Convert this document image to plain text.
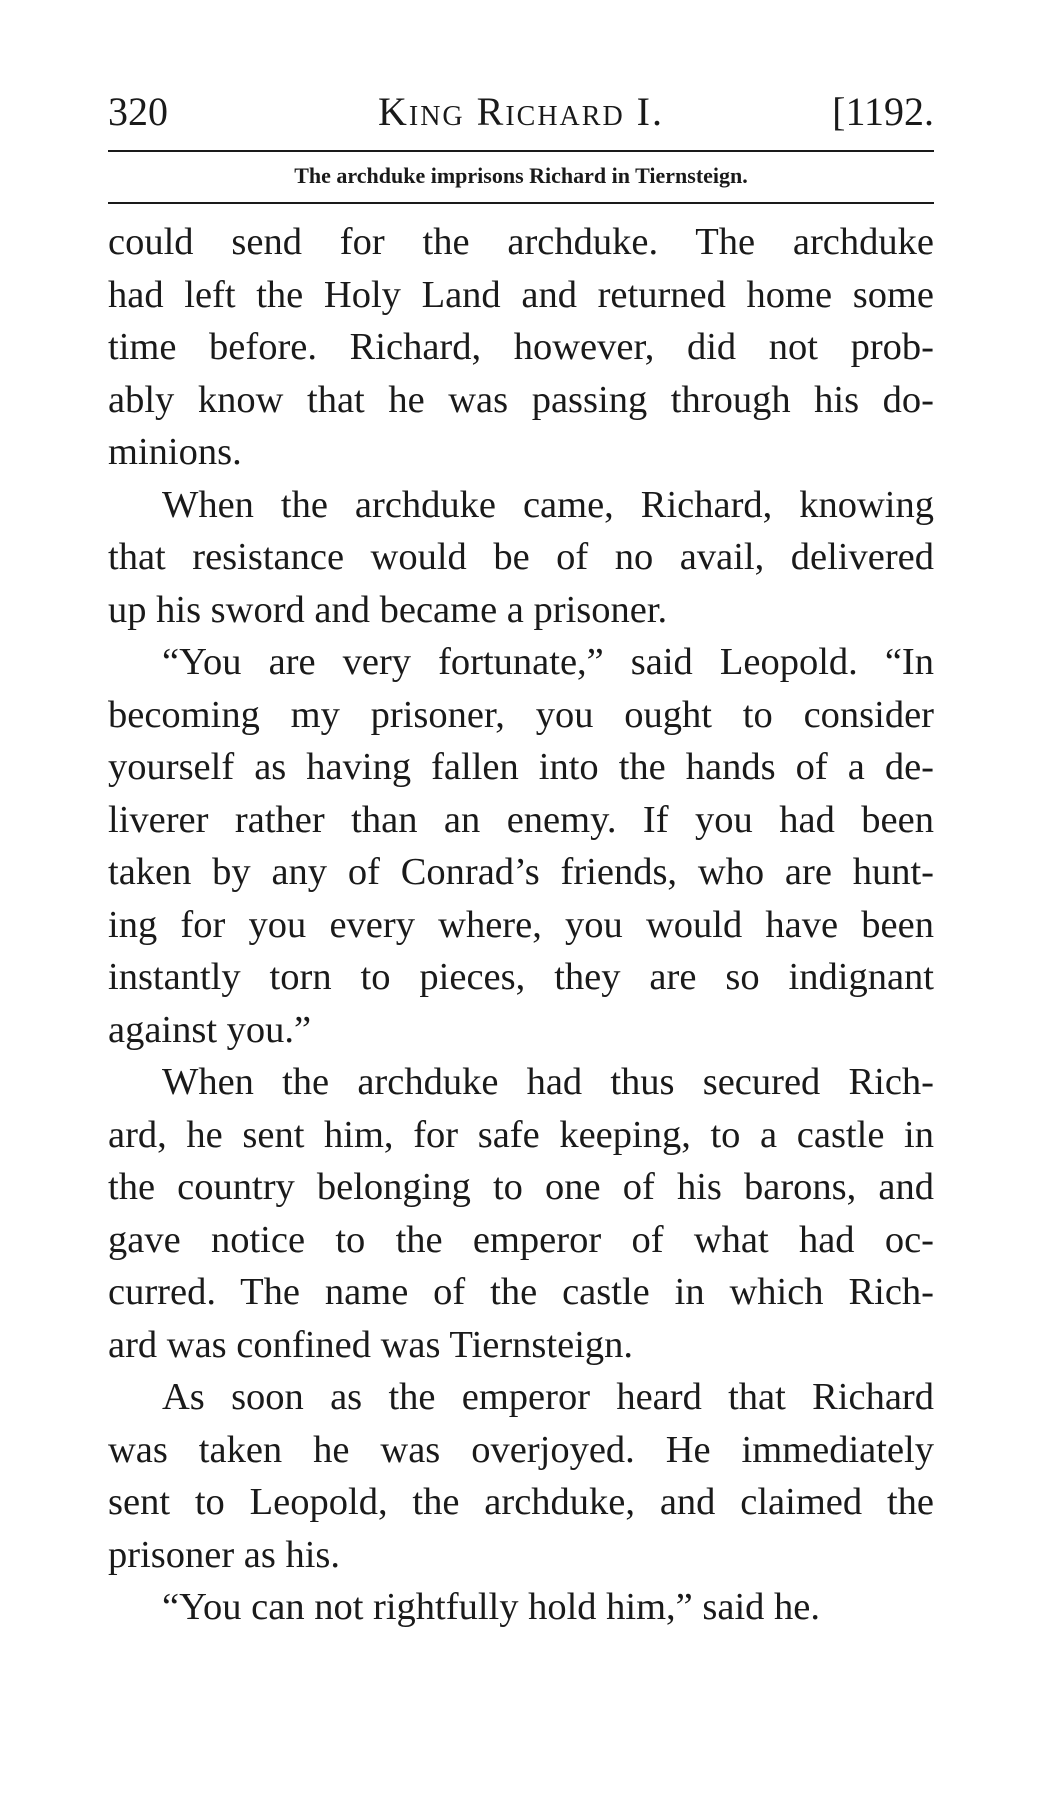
320	King Richard I.	[1192.
The archduke imprisons Richard in Tiernsteign.
could send for the archduke. The archduke
had left the Holy Land and returned home some
time before. Richard, however, did not prob-
ably know that he was passing through his do-
minions.
When the archduke came, Richard, knowing
that resistance would be of no avail, delivered
up his sword and became a prisoner.
“You are very fortunate,” said Leopold. “In
becoming my prisoner, you ought to consider
yourself as having fallen into the hands of a de-
liverer rather than an enemy. If you had been
taken by any of Conrad’s friends, who are hunt-
ing for you every where, you would have been
instantly torn to pieces, they are so indignant
against you.”
When the archduke had thus secured Rich-
ard, he sent him, for safe keeping, to a castle in
the country belonging to one of his barons, and
gave notice to the emperor of what had oc-
curred. The name of the castle in which Rich-
ard was confined was Tiernsteign.
As soon as the emperor heard that Richard
was taken he was overjoyed. He immediately
sent to Leopold, the archduke, and claimed the
prisoner as his.
“You can not rightfully hold him,” said he.
